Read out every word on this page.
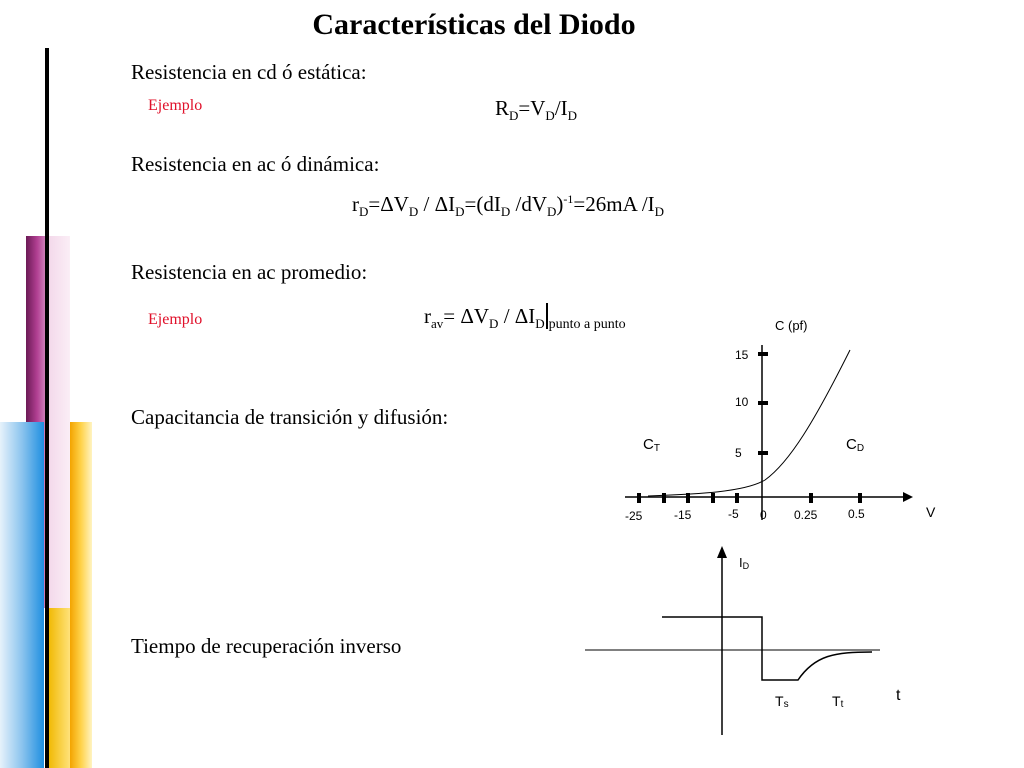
Características del Diodo
Resistencia en cd ó estática:
Ejemplo	$R_D=V_D/I_D$
Resistencia en ac ó dinámica:
$r_D=\Delta V_D / \Delta I_D=(dI_D$ $/dV_D)^{-1}=26mA$ $/I_D$
Resistencia en ac promedio:
Ejemplo	$r_{av}= \Delta V_D / \Delta I_D$ $_{punto a punto}$
Capacitancia de transición y difusión:
Tiempo de recuperación inverso
C (pf)
V
15
10
5
-25	-15	-5 0 0.25	0.5
CT	CD
ID
t
Ts	Tt
